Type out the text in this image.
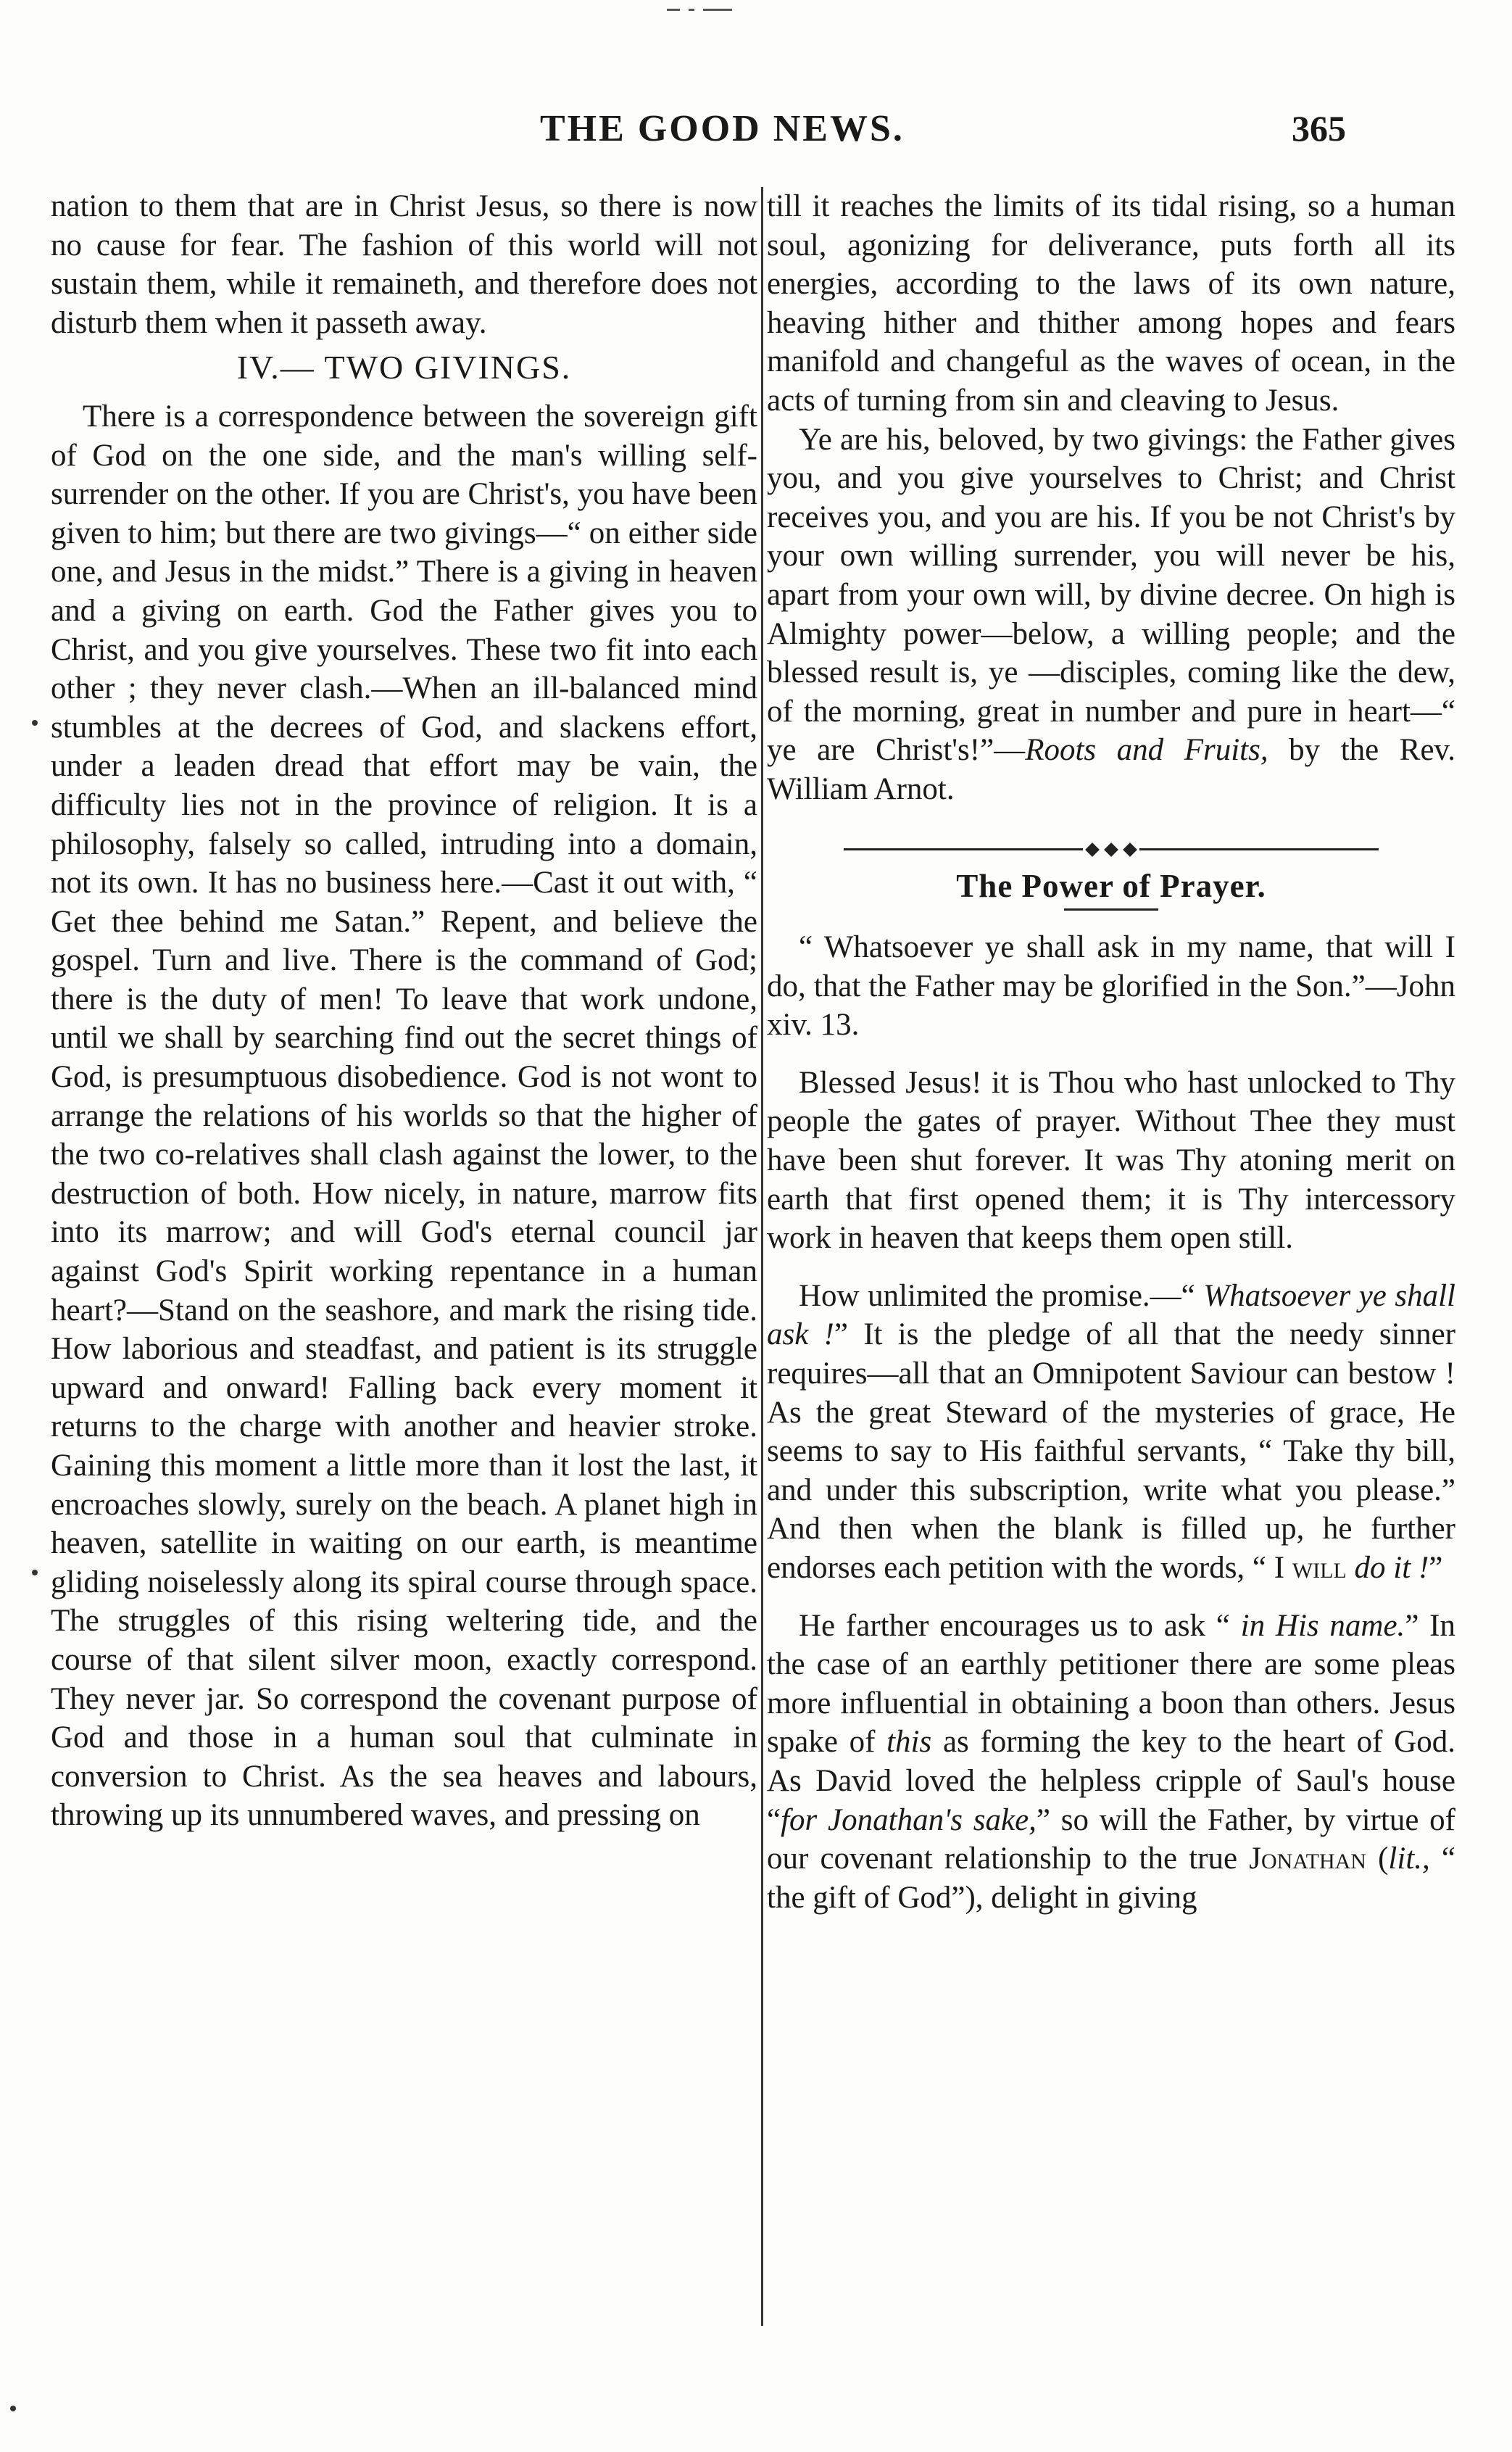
THE GOOD NEWS.	365

nation to them that are in Christ Jesus, so there is now no cause for fear. The fashion of this world will not sustain them, while it remaineth, and therefore does not disturb them when it passeth away.

IV.— TWO GIVINGS.

There is a correspondence between the sovereign gift of God on the one side, and the man's willing self-surrender on the other. If you are Christ's, you have been given to him; but there are two givings—“ on either side one, and Jesus in the midst.” There is a giving in heaven and a giving on earth. God the Father gives you to Christ, and you give yourselves. These two fit into each other ; they never clash.—When an ill-balanced mind stumbles at the decrees of God, and slackens effort, under a leaden dread that effort may be vain, the difficulty lies not in the province of religion. It is a philosophy, falsely so called, intruding into a domain, not its own. It has no business here.—Cast it out with, “ Get thee behind me Satan.” Repent, and believe the gospel. Turn and live. There is the command of God; there is the duty of men! To leave that work undone, until we shall by searching find out the secret things of God, is presumptuous disobedience. God is not wont to arrange the relations of his worlds so that the higher of the two co-relatives shall clash against the lower, to the destruction of both. How nicely, in nature, marrow fits into its marrow; and will God's eternal council jar against God's Spirit working repentance in a human heart?—Stand on the seashore, and mark the rising tide. How laborious and steadfast, and patient is its struggle upward and onward! Falling back every moment it returns to the charge with another and heavier stroke. Gaining this moment a little more than it lost the last, it encroaches slowly, surely on the beach. A planet high in heaven, satellite in waiting on our earth, is meantime gliding noiselessly along its spiral course through space. The struggles of this rising weltering tide, and the course of that silent silver moon, exactly correspond. They never jar. So correspond the covenant purpose of God and those in a human soul that culminate in conversion to Christ. As the sea heaves and labours, throwing up its unnumbered waves, and pressing on

till it reaches the limits of its tidal rising, so a human soul, agonizing for deliverance, puts forth all its energies, according to the laws of its own nature, heaving hither and thither among hopes and fears manifold and changeful as the waves of ocean, in the acts of turning from sin and cleaving to Jesus.

Ye are his, beloved, by two givings: the Father gives you, and you give yourselves to Christ; and Christ receives you, and you are his. If you be not Christ's by your own willing surrender, you will never be his, apart from your own will, by divine decree. On high is Almighty power—below, a willing people; and the blessed result is, ye —disciples, coming like the dew, of the morning, great in number and pure in heart—“ ye are Christ's!”—Roots and Fruits, by the Rev. William Arnot.

The Power of Prayer.

“ Whatsoever ye shall ask in my name, that will I do, that the Father may be glorified in the Son.”—John xiv. 13.

Blessed Jesus! it is Thou who hast unlocked to Thy people the gates of prayer. Without Thee they must have been shut forever. It was Thy atoning merit on earth that first opened them; it is Thy intercessory work in heaven that keeps them open still.

How unlimited the promise.—“ Whatsoever ye shall ask !” It is the pledge of all that the needy sinner requires—all that an Omnipotent Saviour can bestow ! As the great Steward of the mysteries of grace, He seems to say to His faithful servants, “ Take thy bill, and under this subscription, write what you please.” And then when the blank is filled up, he further endorses each petition with the words, “ I will do it !”

He farther encourages us to ask “ in His name.” In the case of an earthly petitioner there are some pleas more influential in obtaining a boon than others. Jesus spake of this as forming the key to the heart of God. As David loved the helpless cripple of Saul's house “for Jonathan's sake,” so will the Father, by virtue of our covenant relationship to the true Jonathan (lit., “ the gift of God”), delight in giving
